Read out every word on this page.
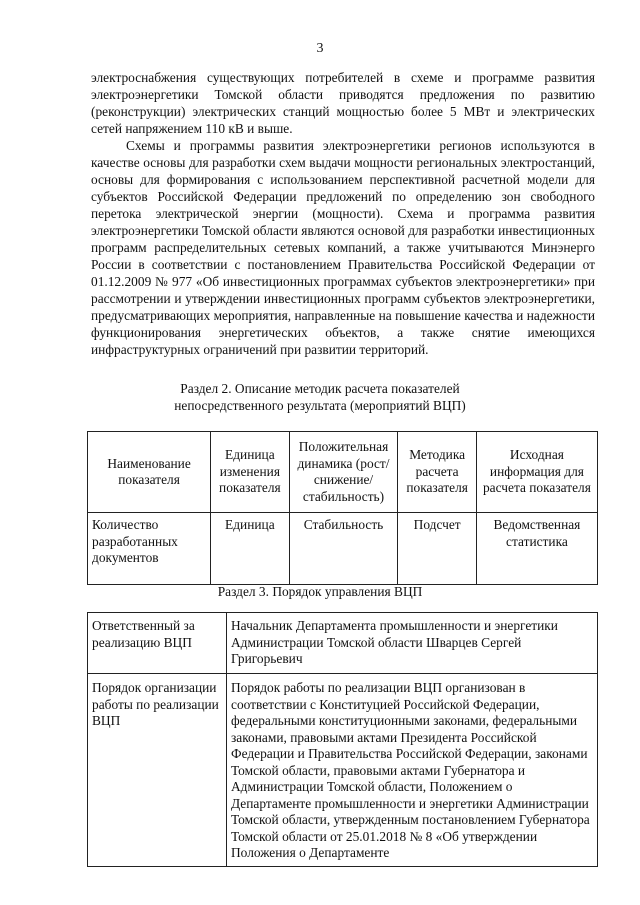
3

электроснабжения существующих потребителей в схеме и программе развития электроэнергетики Томской области приводятся предложения по развитию (реконструкции) электрических станций мощностью более 5 МВт и электрических сетей напряжением 110 кВ и выше.

Схемы и программы развития электроэнергетики регионов используются в качестве основы для разработки схем выдачи мощности региональных электростанций, основы для формирования с использованием перспективной расчетной модели для субъектов Российской Федерации предложений по определению зон свободного перетока электрической энергии (мощности). Схема и программа развития электроэнергетики Томской области являются основой для разработки инвестиционных программ распределительных сетевых компаний, а также учитываются Минэнерго России в соответствии с постановлением Правительства Российской Федерации от 01.12.2009 № 977 «Об инвестиционных программах субъектов электроэнергетики» при рассмотрении и утверждении инвестиционных программ субъектов электроэнергетики, предусматривающих мероприятия, направленные на повышение качества и надежности функционирования энергетических объектов, а также снятие имеющихся инфраструктурных ограничений при развитии территорий.

Раздел 2. Описание методик расчета показателей
непосредственного результата (мероприятий ВЦП)
Наименование показателя	Единица изменения показателя	Положительная динамика (рост/снижение/ стабильность)	Методика расчета показателя	Исходная информация для расчета показателя
Количество разработанных документов	Единица	Стабильность	Подсчет	Ведомственная статистика
Раздел 3. Порядок управления ВЦП
Ответственный за реализацию ВЦП	Начальник Департамента промышленности и энергетики Администрации Томской области Шварцев Сергей Григорьевич
Порядок организации работы по реализации ВЦП	Порядок работы по реализации ВЦП организован в соответствии с Конституцией Российской Федерации, федеральными конституционными законами, федеральными законами, правовыми актами Президента Российской Федерации и Правительства Российской Федерации, законами Томской области, правовыми актами Губернатора и Администрации Томской области, Положением о Департаменте промышленности и энергетики Администрации Томской области, утвержденным постановлением Губернатора Томской области от 25.01.2018 № 8 «Об утверждении Положения о Департаменте
